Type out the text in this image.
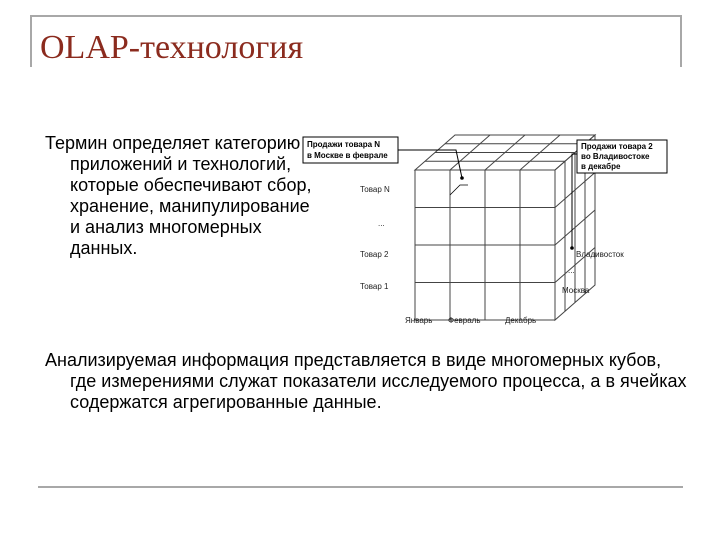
OLAP-технология
Термин определяет категорию приложений и технологий, которые обеспечивают сбор, хранение, манипулирование и анализ многомерных данных.
Продажи товара N
в Москве в феврале
Продажи товара 2
во Владивостоке
в декабре
Товар N
...
Товар 2
Товар 1
Владивосток
...
Москва
Январь Февраль	Декабрь
Анализируемая информация представляется в виде многомерных кубов, где измерениями служат показатели исследуемого процесса, а в ячейках содержатся агрегированные данные.
